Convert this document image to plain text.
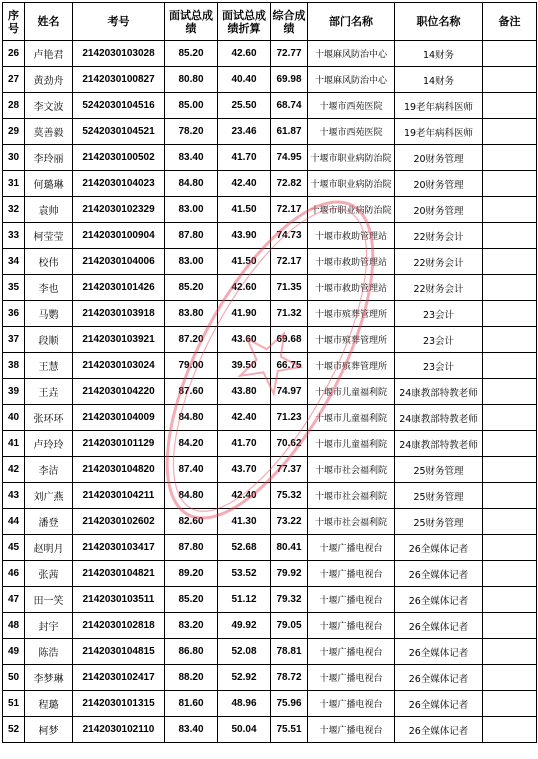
序号	姓名	考号	面试总成绩	面试总成绩折算	综合成绩	部门名称	职位名称	备注
26	卢艳君	2142030103028	85.20	42.60	72.77	十堰麻风防治中心	14财务	
27	黄劲舟	2142030100827	80.80	40.40	69.98	十堰麻风防治中心	14财务	
28	李文波	5242030104516	85.00	25.50	68.74	十堰市西苑医院	19老年病科医师	
29	莫善毅	5242030104521	78.20	23.46	61.87	十堰市西苑医院	19老年病科医师	
30	李玲丽	2142030100502	83.40	41.70	74.95	十堰市职业病防治院	20财务管理	
31	何璐琳	2142030104023	84.80	42.40	72.82	十堰市职业病防治院	20财务管理	
32	袁帅	2142030102329	83.00	41.50	72.17	十堰市职业病防治院	20财务管理	
33	柯莹莹	2142030100904	87.80	43.90	74.73	十堰市救助管理站	22财务会计	
34	校伟	2142030104006	83.00	41.50	72.17	十堰市救助管理站	22财务会计	
35	李也	2142030101426	85.20	42.60	71.35	十堰市救助管理站	22财务会计	
36	马鹦	2142030103918	83.80	41.90	71.32	十堰市殡葬管理所	23会计	
37	段顺	2142030103921	87.20	43.60	69.68	十堰市殡葬管理所	23会计	
38	王慧	2142030103024	79.00	39.50	66.75	十堰市殡葬管理所	23会计	
39	王垚	2142030104220	87.60	43.80	74.97	十堰市儿童福利院	24康教部特教老师	
40	张环环	2142030104009	84.80	42.40	71.23	十堰市儿童福利院	24康教部特教老师	
41	卢玲玲	2142030101129	84.20	41.70	70.62	十堰市儿童福利院	24康教部特教老师	
42	李洁	2142030104820	87.40	43.70	77.37	十堰市社会福利院	25财务管理	
43	刘广燕	2142030104211	84.80	42.40	75.32	十堰市社会福利院	25财务管理	
44	潘登	2142030102602	82.60	41.30	73.22	十堰市社会福利院	25财务管理	
45	赵明月	2142030103417	87.80	52.68	80.41	十堰广播电视台	26全媒体记者	
46	张茜	2142030104821	89.20	53.52	79.92	十堰广播电视台	26全媒体记者	
47	田一笑	2142030103511	85.20	51.12	79.32	十堰广播电视台	26全媒体记者	
48	封宇	2142030102818	83.20	49.92	79.05	十堰广播电视台	26全媒体记者	
49	陈浩	2142030104815	86.80	52.08	78.81	十堰广播电视台	26全媒体记者	
50	李梦琳	2142030102417	88.20	52.92	78.72	十堰广播电视台	26全媒体记者	
51	程璐	2142030101315	81.60	48.96	75.96	十堰广播电视台	26全媒体记者	
52	柯梦	2142030102110	83.40	50.04	75.51	十堰广播电视台	26全媒体记者	
